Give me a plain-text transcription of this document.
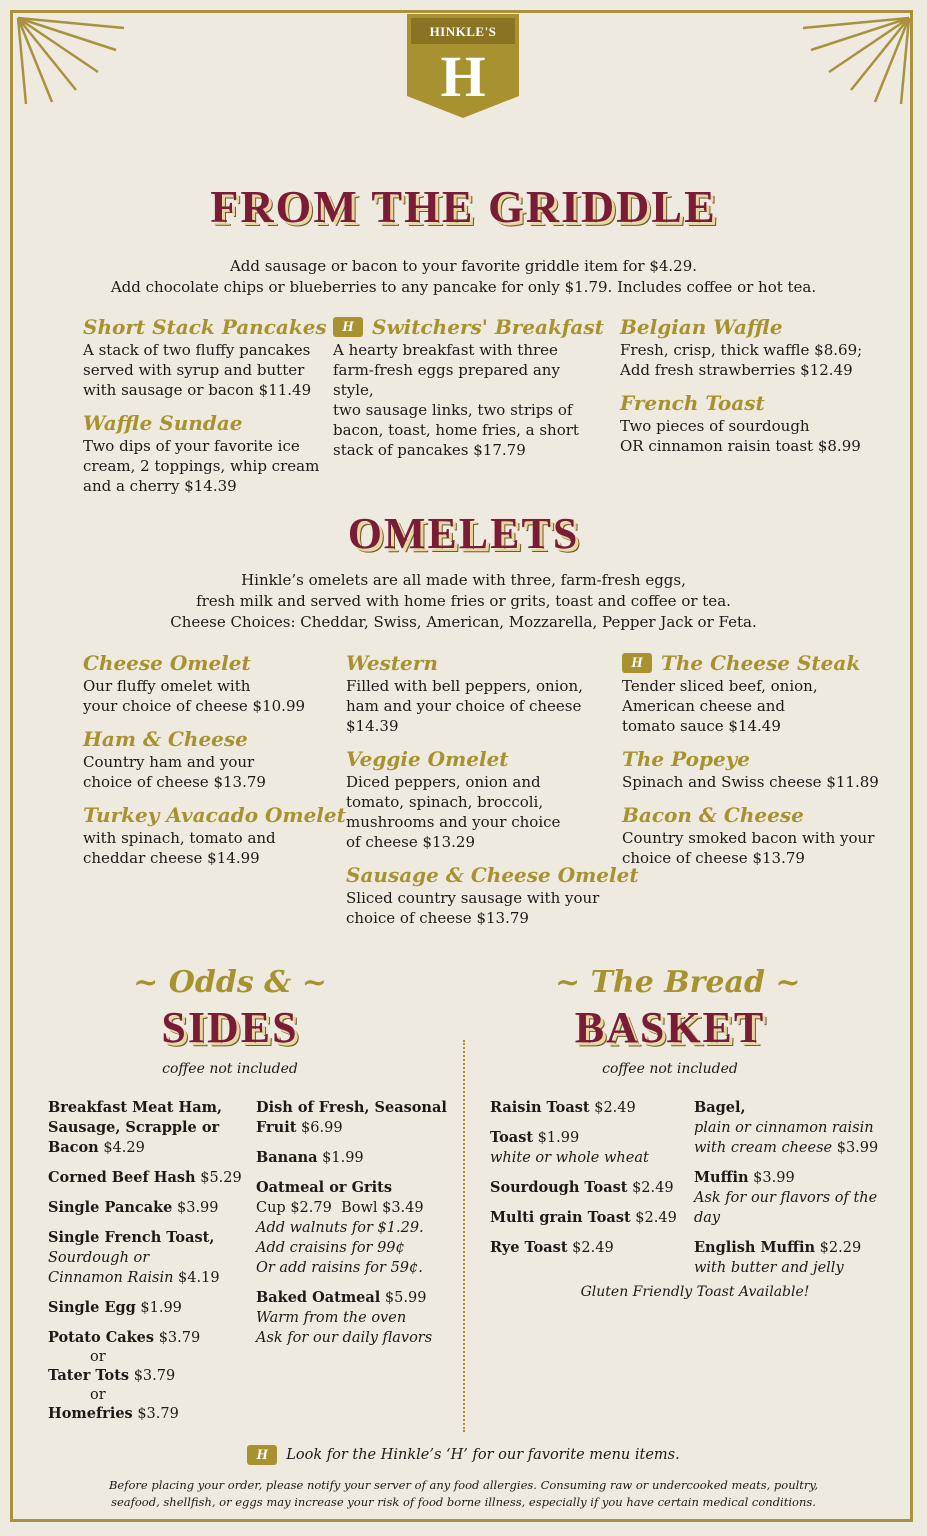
H
HINKLE'S
FROM THE GRIDDLE
Add sausage or bacon to your favorite griddle item for $4.29.
Add chocolate chips or blueberries to any pancake for only $1.79. Includes coffee or hot tea.
Short Stack Pancakes
A stack of two fluffy pancakes
served with syrup and butter
with sausage or bacon $11.49
Waffle Sundae
Two dips of your favorite ice
cream, 2 toppings, whip cream
and a cherry $14.39
H
Switchers' Breakfast
A hearty breakfast with three
farm-fresh eggs prepared any style,
two sausage links, two strips of
bacon, toast, home fries, a short
stack of pancakes $17.79
Belgian Waffle
Fresh, crisp, thick waffle $8.69;
Add fresh strawberries $12.49
French Toast
Two pieces of sourdough
OR cinnamon raisin toast $8.99
OMELETS
Hinkle’s omelets are all made with three, farm-fresh eggs,
fresh milk and served with home fries or grits, toast and coffee or tea.
Cheese Choices: Cheddar, Swiss, American, Mozzarella, Pepper Jack or Feta.
Cheese Omelet
Our fluffy omelet with
your choice of cheese $10.99
Ham & Cheese
Country ham and your
choice of cheese $13.79
Turkey Avacado Omelet
with spinach, tomato and
cheddar cheese $14.99
Western
Filled with bell peppers, onion,
ham and your choice of cheese
$14.39
Veggie Omelet
Diced peppers, onion and
tomato, spinach, broccoli,
mushrooms and your choice
of cheese $13.29
Sausage & Cheese Omelet
Sliced country sausage with your
choice of cheese $13.79
H
The Cheese Steak
Tender sliced beef, onion,
American cheese and
tomato sauce $14.49
The Popeye
Spinach and Swiss cheese $11.89
Bacon & Cheese
Country smoked bacon with your
choice of cheese $13.79
~ Odds & ~
SIDES
coffee not included
Breakfast Meat Ham, Sausage, Scrapple or Bacon $4.29
Corned Beef Hash $5.29
Single Pancake $3.99
Single French Toast,
Sourdough or
Cinnamon Raisin $4.19
Single Egg $1.99
Potato Cakes $3.79
or
Tater Tots $3.79
or
Homefries $3.79
Dish of Fresh, Seasonal Fruit $6.99
Banana $1.99
Oatmeal or Grits
Cup $2.79 Bowl $3.49
Add walnuts for $1.29.
Add craisins for 99¢
Or add raisins for 59¢.
Baked Oatmeal $5.99
Warm from the oven
Ask for our daily flavors
~ The Bread ~
BASKET
coffee not included
Raisin Toast $2.49
Toast $1.99
white or whole wheat
Sourdough Toast $2.49
Multi grain Toast $2.49
Rye Toast $2.49
Bagel,
plain or cinnamon raisin
with cream cheese $3.99
Muffin $3.99
Ask for our flavors of the day
English Muffin $2.29
with butter and jelly
Gluten Friendly Toast Available!
H
Look for the Hinkle’s ‘H’ for our favorite menu items.
Before placing your order, please notify your server of any food allergies. Consuming raw or undercooked meats, poultry, seafood, shellfish, or eggs may increase your risk of food borne illness, especially if you have certain medical conditions.
